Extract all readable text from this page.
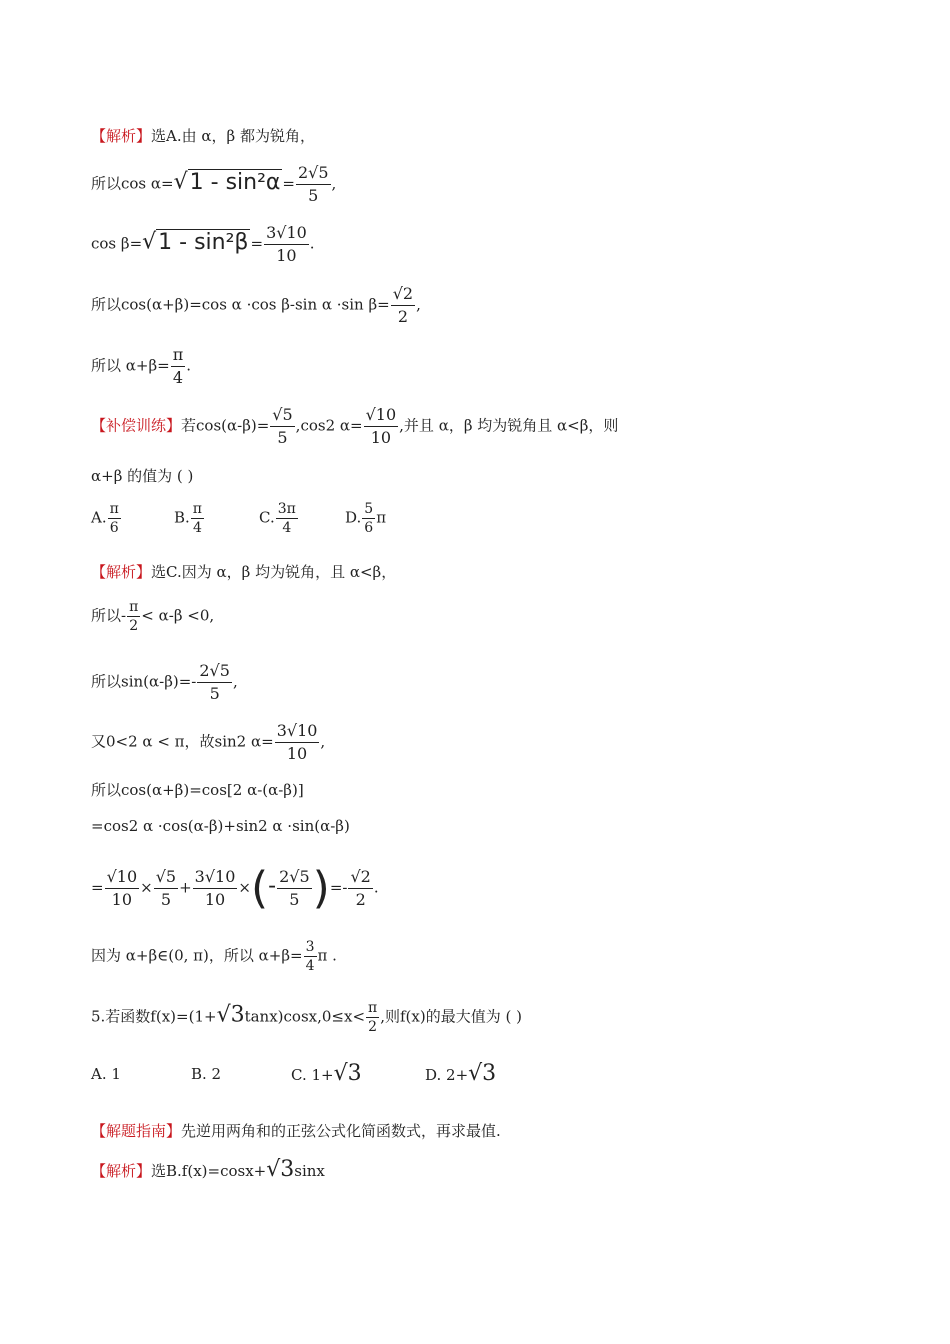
【解析】选A.由 α，β 都为锐角，
所以$\cos \alpha=√1 - \sin^2\alpha = \frac{2√5}{5}$ ,
$\cos \beta=√1 - \sin^2\beta = \frac{3√10}{10}$ .
所以cos(α+β)=cos α ·cos β-sin α ·sin $\beta= \frac{√2}{2}$ ,
所以 $\alpha+\beta= \frac{\pi}{4}$ .
【补偿训练】若$\cos(\alpha-\beta)= \frac{√5}{5} ,\cos 2$ $\alpha= \frac{√10}{10}$ ,并且 α，β 均为锐角且 α<β，则
α+β 的值为 ( )
A. $\frac{\pi}{6}$	B. $\frac{\pi}{4}$	C. $\frac{3\pi}{4}$	D. $\frac{5}{6}$ π
【解析】选C.因为 α，β 均为锐角，且 α<β，
所以- $\frac{\pi}{2} < \alpha-\beta <0$,
所以$\sin(\alpha-\beta)=- \frac{2√5}{5}$ ,
又0<2 α < π，故sin2 $\alpha= \frac{3√10}{10}$ ,
所以cos(α+β)=cos[2 α-(α-β)]
=cos2 α ·cos(α-β)+sin2 α ·sin(α-β)
= $\frac{√10}{10} \times \frac{√5}{5} + \frac{3√10}{10}$ ×(- $\frac{2√5}{5}$ )=- $\frac{√2}{2}$ .
因为 α+β∈(0, π)，所以 $\alpha+\beta= \frac{3}{4}$ π .
5.若函数$f(x)=(1+√3\tan x)\cos x,0\le x< \frac{\pi}{2}$ ,则f(x)的最大值为 ( )
A. 1	B. 2	C. 1+√3	D. 2+√3
【解题指南】先逆用两角和的正弦公式化简函数式，再求最值.
【解析】选B.f(x)=cosx+√3sinx
